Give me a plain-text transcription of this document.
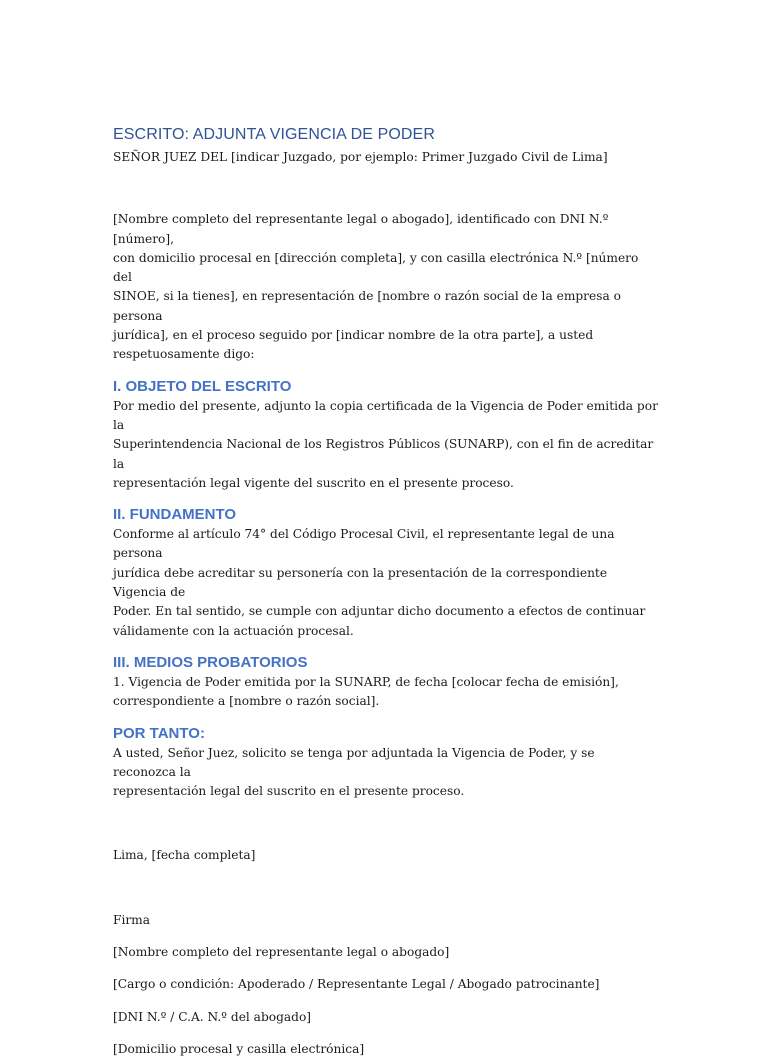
ESCRITO: ADJUNTA VIGENCIA DE PODER

SEÑOR JUEZ DEL [indicar Juzgado, por ejemplo: Primer Juzgado Civil de Lima]

[Nombre completo del representante legal o abogado], identificado con DNI N.º [número],
con domicilio procesal en [dirección completa], y con casilla electrónica N.º [número del
SINOE, si la tienes], en representación de [nombre o razón social de la empresa o persona
jurídica], en el proceso seguido por [indicar nombre de la otra parte], a usted
respetuosamente digo:
I. OBJETO DEL ESCRITO
Por medio del presente, adjunto la copia certificada de la Vigencia de Poder emitida por la
Superintendencia Nacional de los Registros Públicos (SUNARP), con el fin de acreditar la
representación legal vigente del suscrito en el presente proceso.
II. FUNDAMENTO
Conforme al artículo 74° del Código Procesal Civil, el representante legal de una persona
jurídica debe acreditar su personería con la presentación de la correspondiente Vigencia de
Poder. En tal sentido, se cumple con adjuntar dicho documento a efectos de continuar
válidamente con la actuación procesal.
III. MEDIOS PROBATORIOS
1. Vigencia de Poder emitida por la SUNARP, de fecha [colocar fecha de emisión],
correspondiente a [nombre o razón social].
POR TANTO:
A usted, Señor Juez, solicito se tenga por adjuntada la Vigencia de Poder, y se reconozca la
representación legal del suscrito en el presente proceso.

Lima, [fecha completa]

Firma

[Nombre completo del representante legal o abogado]

[Cargo o condición: Apoderado / Representante Legal / Abogado patrocinante]

[DNI N.º / C.A. N.º del abogado]

[Domicilio procesal y casilla electrónica]
